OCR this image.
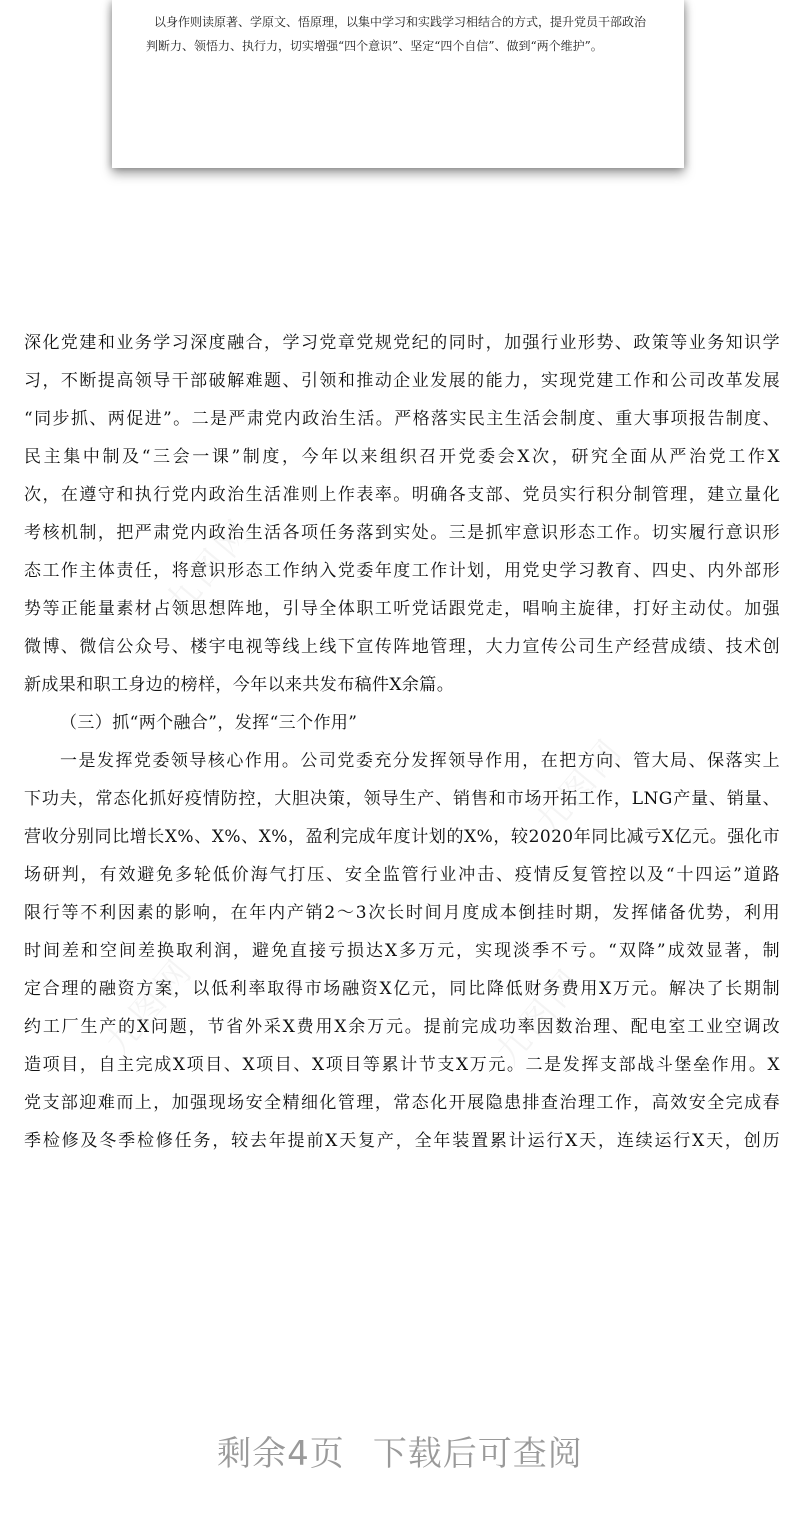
以身作则读原著、学原文、悟原理，以集中学习和实践学习相结合的方式，提升党员干部政治
判断力、领悟力、执行力，切实增强“四个意识”、坚定“四个自信”、做到“两个维护”。
深化党建和业务学习深度融合，学习党章党规党纪的同时，加强行业形势、政策等业务知识学
习，不断提高领导干部破解难题、引领和推动企业发展的能力，实现党建工作和公司改革发展
“同步抓、两促进”。二是严肃党内政治生活。严格落实民主生活会制度、重大事项报告制度、
民主集中制及“三会一课”制度，今年以来组织召开党委会X次，研究全面从严治党工作X
次，在遵守和执行党内政治生活准则上作表率。明确各支部、党员实行积分制管理，建立量化
考核机制，把严肃党内政治生活各项任务落到实处。三是抓牢意识形态工作。切实履行意识形
态工作主体责任，将意识形态工作纳入党委年度工作计划，用党史学习教育、四史、内外部形
势等正能量素材占领思想阵地，引导全体职工听党话跟党走，唱响主旋律，打好主动仗。加强
微博、微信公众号、楼宇电视等线上线下宣传阵地管理，大力宣传公司生产经营成绩、技术创
新成果和职工身边的榜样，今年以来共发布稿件X余篇。
（三）抓“两个融合”，发挥“三个作用”
一是发挥党委领导核心作用。公司党委充分发挥领导作用，在把方向、管大局、保落实上
下功夫，常态化抓好疫情防控，大胆决策，领导生产、销售和市场开拓工作，LNG产量、销量、
营收分别同比增长X%、X%、X%，盈利完成年度计划的X%，较2020年同比减亏X亿元。强化市
场研判，有效避免多轮低价海气打压、安全监管行业冲击、疫情反复管控以及“十四运”道路
限行等不利因素的影响，在年内产销2～3次长时间月度成本倒挂时期，发挥储备优势，利用
时间差和空间差换取利润，避免直接亏损达X多万元，实现淡季不亏。“双降”成效显著，制
定合理的融资方案，以低利率取得市场融资X亿元，同比降低财务费用X万元。解决了长期制
约工厂生产的X问题，节省外采X费用X余万元。提前完成功率因数治理、配电室工业空调改
造项目，自主完成X项目、X项目、X项目等累计节支X万元。二是发挥支部战斗堡垒作用。X
党支部迎难而上，加强现场安全精细化管理，常态化开展隐患排查治理工作，高效安全完成春
季检修及冬季检修任务，较去年提前X天复产，全年装置累计运行X天，连续运行X天，创历
剩余4页 下载后可查阅
